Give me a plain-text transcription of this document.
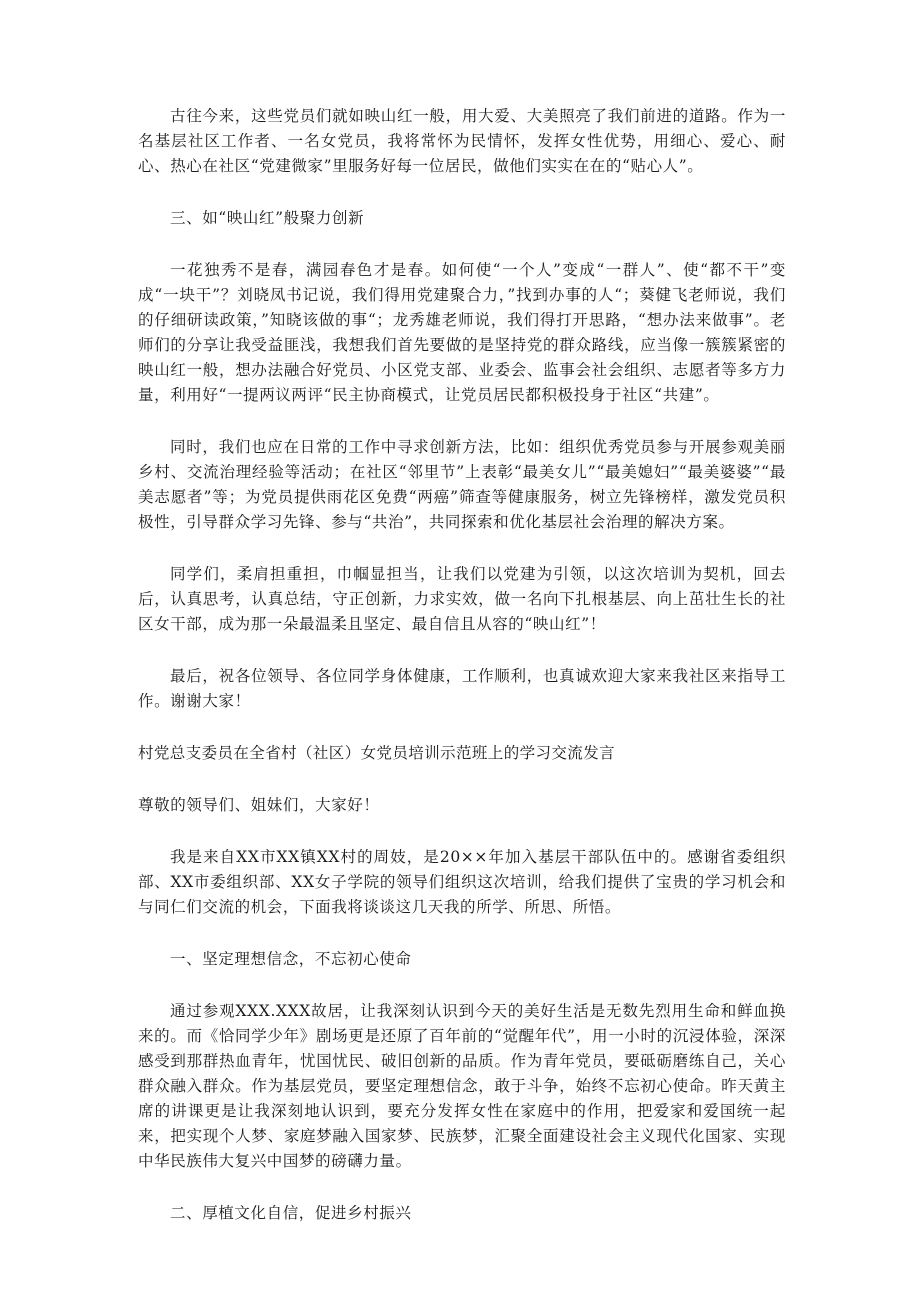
古往今来，这些党员们就如映山红一般，用大爱、大美照亮了我们前进的道路。作为一名基层社区工作者、一名女党员，我将常怀为民情怀，发挥女性优势，用细心、爱心、耐心、热心在社区“党建微家”里服务好每一位居民，做他们实实在在的“贴心人”。

三、如“映山红”般聚力创新

一花独秀不是春，满园春色才是春。如何使“一个人”变成“一群人”、使“都不干”变成“一块干”？刘晓凤书记说，我们得用党建聚合力，”找到办事的人“；葵健飞老师说，我们的仔细研读政策，”知晓该做的事“；龙秀雄老师说，我们得打开思路，“想办法来做事”。老师们的分享让我受益匪浅，我想我们首先要做的是坚持党的群众路线，应当像一簇簇紧密的映山红一般，想办法融合好党员、小区党支部、业委会、监事会社会组织、志愿者等多方力量，利用好“一提两议两评“民主协商模式，让党员居民都积极投身于社区“共建”。

同时，我们也应在日常的工作中寻求创新方法，比如：组织优秀党员参与开展参观美丽乡村、交流治理经验等活动；在社区“邻里节”上表彰“最美女儿”“最美媳妇”“最美婆婆”“最美志愿者”等；为党员提供雨花区免费“两癌”筛查等健康服务，树立先锋榜样，激发党员积极性，引导群众学习先锋、参与“共治”，共同探索和优化基层社会治理的解决方案。

同学们，柔肩担重担，巾帼显担当，让我们以党建为引领，以这次培训为契机，回去后，认真思考，认真总结，守正创新，力求实效，做一名向下扎根基层、向上茁壮生长的社区女干部，成为那一朵最温柔且坚定、最自信且从容的“映山红”！

最后，祝各位领导、各位同学身体健康，工作顺利，也真诚欢迎大家来我社区来指导工作。谢谢大家！

村党总支委员在全省村（社区）女党员培训示范班上的学习交流发言

尊敬的领导们、姐妹们，大家好！

我是来自XX市XX镇XX村的周妓，是20××年加入基层干部队伍中的。感谢省委组织部、XX市委组织部、XX女子学院的领导们组织这次培训，给我们提供了宝贵的学习机会和与同仁们交流的机会，下面我将谈谈这几天我的所学、所思、所悟。

一、坚定理想信念，不忘初心使命

通过参观XXX.XXX故居，让我深刻认识到今天的美好生活是无数先烈用生命和鲜血换来的。而《恰同学少年》剧场更是还原了百年前的“觉醒年代”，用一小时的沉浸体验，深深感受到那群热血青年，忧国忧民、破旧创新的品质。作为青年党员，要砥砺磨练自己，关心群众融入群众。作为基层党员，要坚定理想信念，敢于斗争，始终不忘初心使命。昨天黄主席的讲课更是让我深刻地认识到，要充分发挥女性在家庭中的作用，把爱家和爱国统一起来，把实现个人梦、家庭梦融入国家梦、民族梦，汇聚全面建设社会主义现代化国家、实现中华民族伟大复兴中国梦的磅礴力量。

二、厚植文化自信，促进乡村振兴
